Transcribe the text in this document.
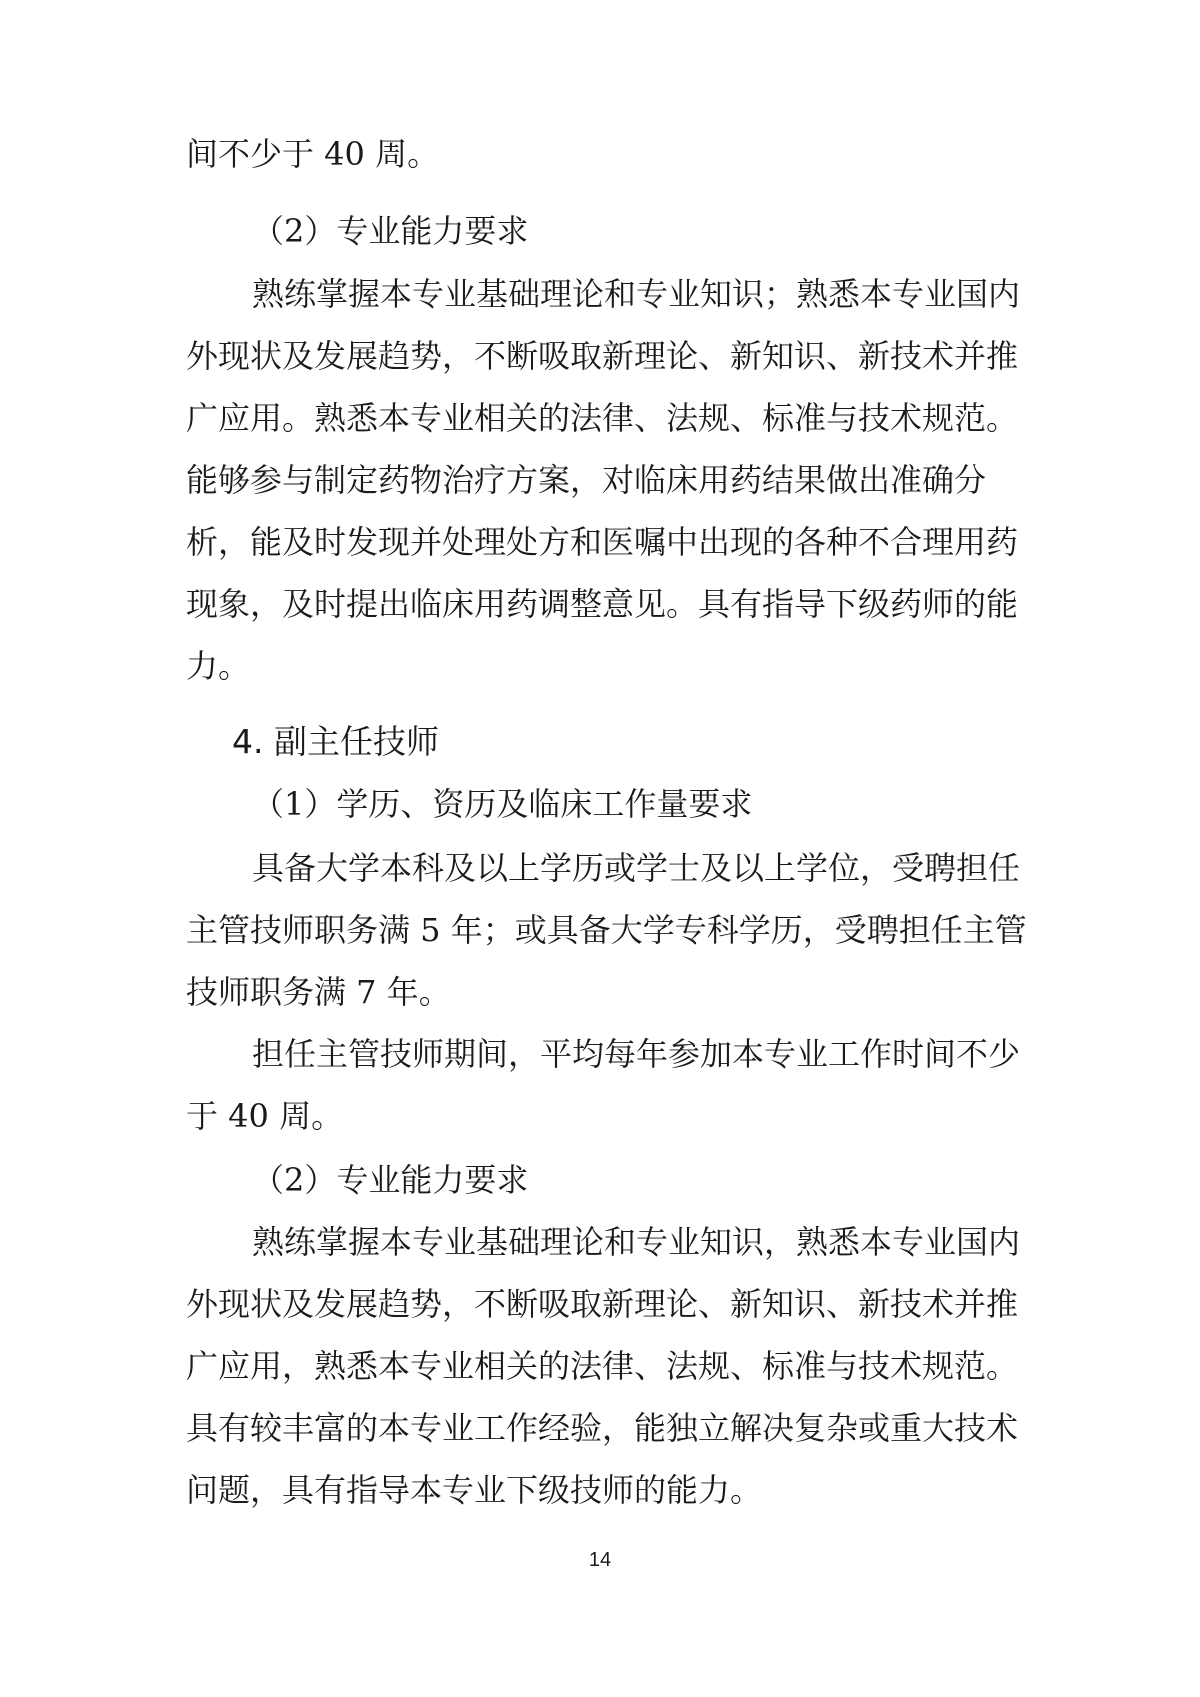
间不少于 40 周。
（2）专业能力要求
熟练掌握本专业基础理论和专业知识；熟悉本专业国内
外现状及发展趋势，不断吸取新理论、新知识、新技术并推
广应用。熟悉本专业相关的法律、法规、标准与技术规范。
能够参与制定药物治疗方案，对临床用药结果做出准确分
析，能及时发现并处理处方和医嘱中出现的各种不合理用药
现象，及时提出临床用药调整意见。具有指导下级药师的能
力。
4. 副主任技师
（1）学历、资历及临床工作量要求
具备大学本科及以上学历或学士及以上学位，受聘担任
主管技师职务满 5 年；或具备大学专科学历，受聘担任主管
技师职务满 7 年。
担任主管技师期间，平均每年参加本专业工作时间不少
于 40 周。
（2）专业能力要求
熟练掌握本专业基础理论和专业知识，熟悉本专业国内
外现状及发展趋势，不断吸取新理论、新知识、新技术并推
广应用，熟悉本专业相关的法律、法规、标准与技术规范。
具有较丰富的本专业工作经验，能独立解决复杂或重大技术
问题，具有指导本专业下级技师的能力。
14
